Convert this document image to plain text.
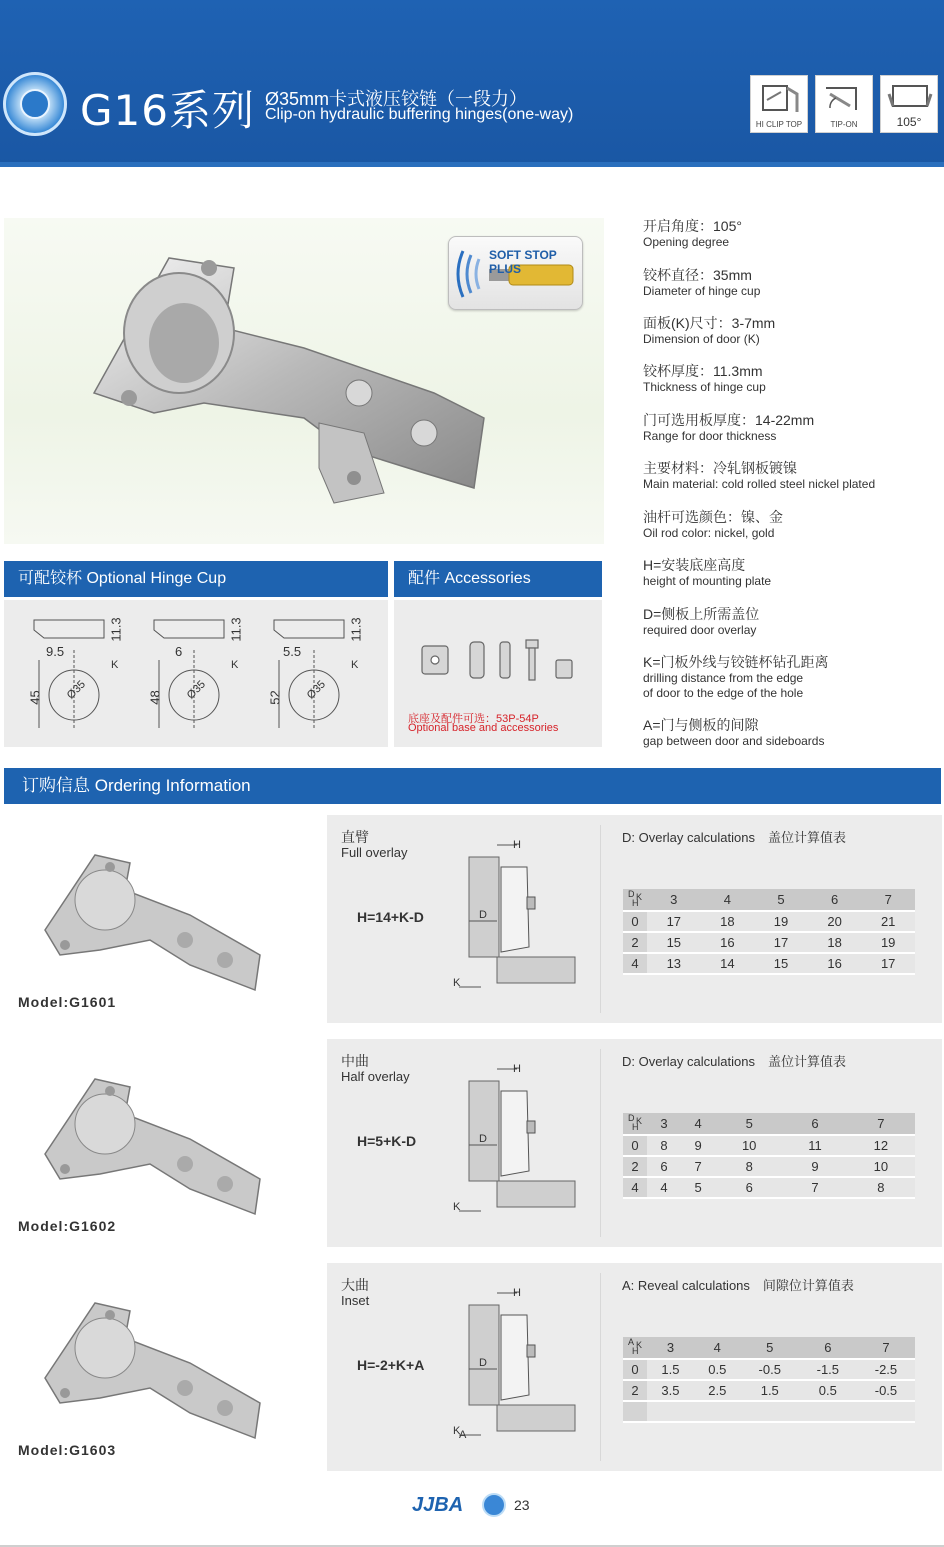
G16系列 Ø35mm卡式液压铰链（一段力）
Clip-on hydraulic buffering hinges(one-way)
HI CLIP TOP	TIP-ON	105°
SOFT STOP PLUS
开启角度：105°
Opening degree
铰杯直径：35mm
Diameter of hinge cup
面板(K)尺寸：3-7mm
Dimension of door (K)
铰杯厚度：11.3mm
Thickness of hinge cup
门可选用板厚度：14-22mm
Range for door thickness
主要材料：冷轧钢板镀镍
Main material: cold rolled steel nickel plated
油杆可选颜色：镍、金
Oil rod color: nickel, gold
H=安装底座高度
height of mounting plate
D=侧板上所需盖位
required door overlay
K=门板外线与铰链杯钻孔距离
drilling distance from the edge
of door to the edge of the hole
A=门与侧板的间隙
gap between door and sideboards
可配铰杯 Optional Hinge Cup	配件 Accessories
9.5
45
11.3
Ø35
K
6
48
11.3
Ø35
K
5.5
52
11.3
Ø35
K
底座及配件可选：53P-54P
Optional base and accessories
订购信息 Ordering Information
Model:G1601
直臂
Full overlay
H=14+K-D
D: Overlay calculations　盖位计算值表
H
D
K
D K
H	3	4	5	6	7
0	17	18	19	20	21
2	15	16	17	18	19
4	13	14	15	16	17
Model:G1602
中曲
Half overlay
H=5+K-D
D: Overlay calculations　盖位计算值表
H
D
K
D K
H	3	4	5	6	7
0	8	9	10	11	12
2	6	7	8	9	10
4	4	5	6	7	8
Model:G1603
大曲
Inset
H=-2+K+A
A: Reveal calculations　间隙位计算值表
H
D
K
A
A K
H	3	4	5	6	7
0	1.5	0.5	-0.5	-1.5	-2.5
2	3.5	2.5	1.5	0.5	-0.5

JJBA	23
